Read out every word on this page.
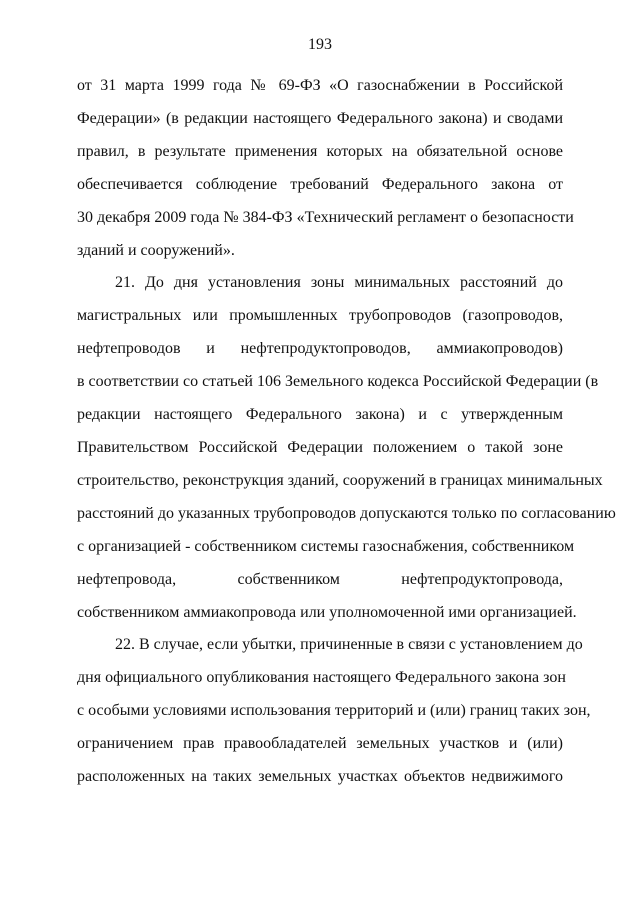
193
от 31 марта 1999 года № 69-ФЗ «О газоснабжении в Российской
Федерации» (в редакции настоящего Федерального закона) и сводами
правил, в результате применения которых на обязательной основе
обеспечивается соблюдение требований Федерального закона от
30 декабря 2009 года № 384-ФЗ «Технический регламент о безопасности
зданий и сооружений».
21. До дня установления зоны минимальных расстояний до
магистральных или промышленных трубопроводов (газопроводов,
нефтепроводов и нефтепродуктопроводов, аммиакопроводов)
в соответствии со статьей 106 Земельного кодекса Российской Федерации (в
редакции настоящего Федерального закона) и с утвержденным
Правительством Российской Федерации положением о такой зоне
строительство, реконструкция зданий, сооружений в границах минимальных
расстояний до указанных трубопроводов допускаются только по согласованию
с организацией - собственником системы газоснабжения, собственником
нефтепровода, собственником нефтепродуктопровода,
собственником аммиакопровода или уполномоченной ими организацией.
22. В случае, если убытки, причиненные в связи с установлением до
дня официального опубликования настоящего Федерального закона зон
с особыми условиями использования территорий и (или) границ таких зон,
ограничением прав правообладателей земельных участков и (или)
расположенных на таких земельных участках объектов недвижимого
